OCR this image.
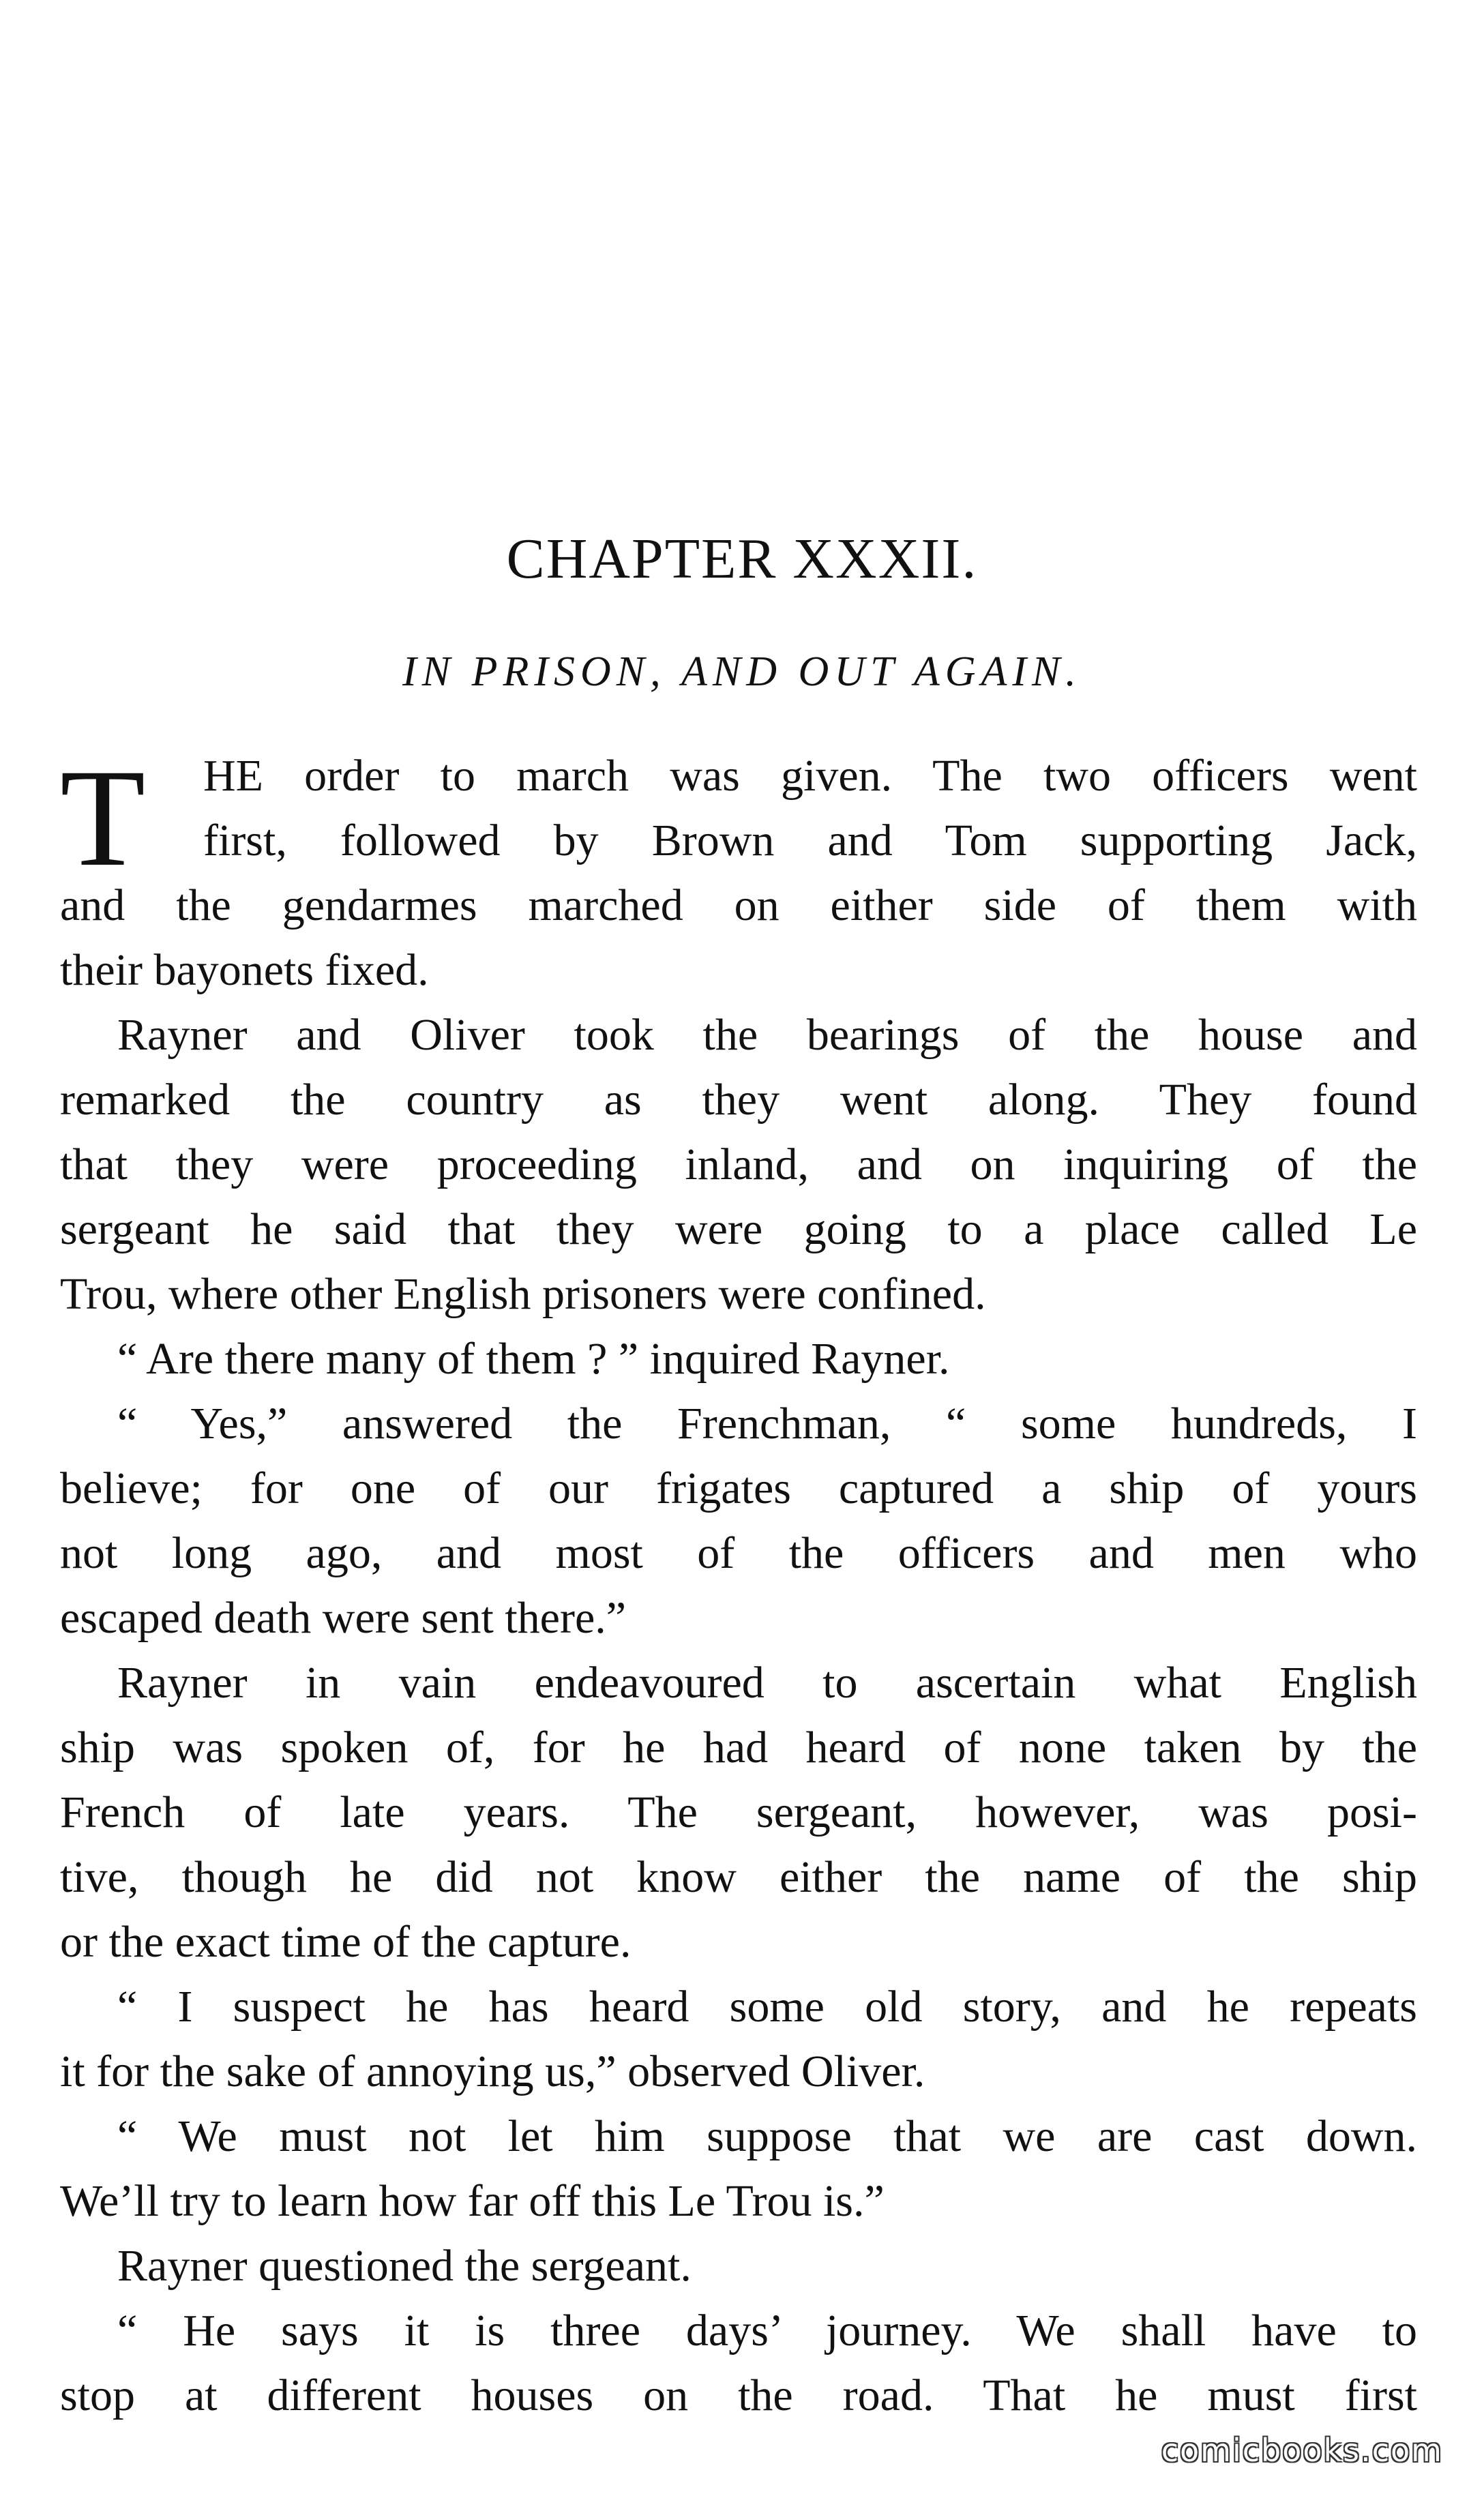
CHAPTER XXXII.
IN PRISON, AND OUT AGAIN.
T	HE order to march was given. The two officers went
first, followed by Brown and Tom supporting Jack,
and the gendarmes marched on either side of them with
their bayonets fixed.
Rayner and Oliver took the bearings of the house and
remarked the country as they went along. They found
that they were proceeding inland, and on inquiring of the
sergeant he said that they were going to a place called Le
Trou, where other English prisoners were confined.
“ Are there many of them ? ” inquired Rayner.
“ Yes,” answered the Frenchman, “ some hundreds, I
believe; for one of our frigates captured a ship of yours
not long ago, and most of the officers and men who
escaped death were sent there.”
Rayner in vain endeavoured to ascertain what English
ship was spoken of, for he had heard of none taken by the
French of late years. The sergeant, however, was posi-
tive, though he did not know either the name of the ship
or the exact time of the capture.
“ I suspect he has heard some old story, and he repeats
it for the sake of annoying us,” observed Oliver.
“ We must not let him suppose that we are cast down.
We’ll try to learn how far off this Le Trou is.”
Rayner questioned the sergeant.
“ He says it is three days’ journey. We shall have to
stop at different houses on the road. That he must first
comicbooks.com
